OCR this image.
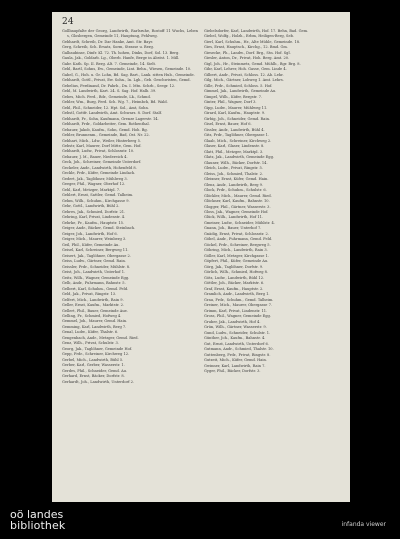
24

Gollbaupfalte der Georg, Landwirth, Rarlsruhe, Rostoff 11 Wuchs, Lebens, Glosbergen, Gemeinde 11, Hauptung, Fehlweg.

Gebhardt, Schreib, Dr. Dar Hanke, Amt. Str. Bayr.

Gerg, Schreib, Sch. Ersatz, Sorm, Strasse u. Berg.

Galbaubinse, Dinfr. Kl. 72. Th. hohen, Dinks, Dorf, Sol. 13. Berg.

Gaula, Jak., Goldarb. Lg., Oberb. Hanfe, Berge in Abstst. 1. Mill.

Gabr. Kath. Sp. II. Berg. Alt. 7. Gemeinde, 14. Sielt.

Gebl, Bartl, Sohns, Ew., Gemeinde, Lint. Behn., Wiesen, Gemeinde. 10.

Gabel, G., Hoh. u. Gr. Lohn, Bd. Sag. Bart., Lank. sitten Hub., Gemeinde.

Gebhardt, Gottl., Privat, Ew. Sohn., In. Lgh., Geb. Geschwisten, Gemd.

Gebelius, Ferdinand, Dr. Fahrb., Dn. I. Mtn. Schrb., Seegr. 12.

Gebl, M. Landwirth, Kart. 24. S. Sag. Hof. Halb. 39.

Gebes, Mich. Ferd., Bdr., Gemeinde, Lk., Schmd.

Gebler, Wm., Burg, Ferd. Sch. Wg. 7., Heimbch, Bd. Wald.

Gebl, Phil., Schneider, 12. Hpt. Sol., Amt, Sohn.

Gebstl, Gottfr. Landwirth, Amt. Schwarz. 8. Dorf. Stalf.

Gebhardt, Fr., Sohn, Kaufmann, Grenze Lagerstr. 14.

Gebhardt, Frdr., Goldarbeiter, Gem. Rothenthal.

Gebauer, Jakob, Kaufm., Sohn, Gemd. Hoh. Bg.

Gebler, Brunnenm., Gemeinde, Bad, Ost. Nr. 22.

Gebhart, Mich., Ldw., Weiler, Hinterberg 5.

Gebstr, Karl, Maurer, Dorf Mitte, Gem. Hof.

Gebhardt, Ludw., Privat, Schlossstr. 10.

Gebauer, J. M., Bauer, Niedereich 4.

Geck, Joh., Schreiner, Gemeinde Unterdorf.

Geckeler, Andr., Landwirth, Hohenfeld 8.

Geckle, Frdr., Küfer, Gemeinde Lindach.

Gedert, Jak., Taglöhner, Mühlweg 3.

Geeger, Phil., Wagner, Oberhof 12.

Gehl, Karl, Metzger, Marktpl. 7.

Gehlert, Ernst, Sattler, Gemd. Talheim.

Gehm, Wilh., Schuhm., Kirchgasse 9.

Gehr, Gottl., Landwirth, Bühl 2.

Gehres, Jak., Schmied, Dorfstr. 21.

Gehring, Karl, Privat, Lindenstr. 4.

Gehrke, Fr., Kaufm., Hauptstr. 15.

Geiger, Andr., Bäcker, Gemd. Steinbach.

Geiger, Joh., Landwirth, Hof 6.

Geiger, Mich., Maurer, Weinberg 3.

Geil, Phil., Küfer, Gemeinde Au.

Geisel, Karl, Schreiner, Bergweg 11.

Geisert, Jak., Taglöhner, Obergasse 2.

Geiss, Ludw., Gärtner, Gemd. Rain.

Geissler, Frdr., Schneider, Mühlstr. 8.

Geist, Joh., Landwirth, Unterhof 1.

Geitz, Wilh., Wagner, Gemeinde Egg.

Gelb, Andr., Fuhrmann, Bahnstr. 5.

Gelbert, Karl, Schuhm., Gemd. Feld.

Geld, Jak., Privat, Ringstr. 13.

Gelfert, Mich., Landwirth, Rain 9.

Geller, Ernst, Kaufm., Marktstr. 2.

Gellert, Phil., Bauer, Gemeinde Aue.

Gelling, Fr., Schmied, Hofweg 4.

Gemmel, Joh., Maurer, Gemd. Hain.

Gemming, Karl, Landwirth, Berg 7.

Genal, Ludw., Küfer, Thalstr. 6.

Gengenbach, Andr., Metzger, Gemd. Ried.

Genz, Wilh., Privat, Schulstr. 3.

Georg, Jak., Taglöhner, Gemeinde Hof.

Gepp, Frdr., Schreiner, Kirchweg 12.

Gerbel, Mich., Landwirth, Bühl 5.

Gerber, Karl, Gerber, Wasserstr. 1.

Gerdes, Phil., Schneider, Gemd. Au.

Gerhard, Ernst, Bäcker, Dorfstr. 8.

Gerhardt, Joh., Landwirth, Unterdorf 2.

Giebelsdorfer, Karl, Landwirth, Hof. 17. Behn, Bad. Gem.

Giebel, Wolfg., Holzh., Erbm, Heiligen-Berg, Seb.

Gierl, Karl, Schuhm., Hr., Alte Mühle, Gemeinde. 18.

Gies, Ernst, Hauptsch., Kirchg., 12. Bmd. Gm.

Giesecke, Ph., Landw., Dorf. Brg., Stn. Hof. Sgl.

Giesler, Anton, Dr., Privat, Hoh. Berg. Amt. 20.

Gigl, Joh., Hr., Steinmetz, Gemd. Mühlb., Bgr. Brg. 8.

Gihr, Karl, Lehrer, Hoh. Gasse, Gem. Linde 4.

Gilbert, Andr., Privat, Schloss. 12. Ab. Lehr.

Gilg, Mich., Gärtner, Lohweg 1. Amt. Lehrs.

Gille, Frdr., Schmied, Schloss. 5. Hof.

Gimmel, Jak., Landwirth, Gemeinde Au.

Gimpel, Wilh., Küfer, Bergstr. 7.

Ginter, Phil., Wagner, Dorf 3.

Gipp, Ludw., Maurer, Mühlweg 11.

Girard, Karl, Kaufm., Hauptstr. 9.

Girbig, Joh., Schneider, Gemd. Rain.

Gisel, Ernst, Bauer, Hof 6.

Gissler, Andr., Landwirth, Bühl 4.

Gitz, Frdr., Taglöhner, Obergasse 1.

Glaab, Mich., Schreiner, Kirchweg 2.

Glaser, Karl, Glaser, Lindenstr. 8.

Glatt, Phil., Metzger, Marktpl. 3.

Glatz, Jak., Landwirth, Gemeinde Egg.

Glauner, Wilh., Bäcker, Dorfstr. 14.

Gleich, Ludw., Privat, Ringstr. 5.

Gleiss, Joh., Schmied, Thalstr. 2.

Gleixner, Ernst, Küfer, Gemd. Hain.

Glenz, Andr., Landwirth, Berg 9.

Glock, Frdr., Schuhm., Schulstr. 6.

Glöckler, Mich., Maurer, Gemd. Ried.

Glöckner, Karl, Kaufm., Bahnstr. 10.

Glogger, Phil., Gärtner, Wasserstr. 3.

Gloss, Jak., Wagner, Gemeinde Hof.

Glück, Wilh., Landwirth, Hof 11.

Gmeiner, Ludw., Schneider, Mühlstr. 4.

Gnann, Joh., Bauer, Unterhof 7.

Gnädig, Ernst, Privat, Schlossstr. 2.

Göbel, Andr., Fuhrmann, Gemd. Feld.

Göckel, Frdr., Schreiner, Bergweg 5.

Göhring, Mich., Landwirth, Rain 3.

Göller, Karl, Metzger, Kirchgasse 1.

Göpfert, Phil., Küfer, Gemeinde Au.

Görg, Jak., Taglöhner, Dorfstr. 9.

Görlich, Wilh., Schmied, Hofweg 8.

Götz, Ludw., Landwirth, Bühl 12.

Göttler, Joh., Bäcker, Marktstr. 6.

Graf, Ernst, Kaufm., Hauptstr. 2.

Gramlich, Andr., Landwirth, Berg 1.

Grau, Frdr., Schuhm., Gemd. Talheim.

Greiner, Mich., Maurer, Obergasse 7.

Grimm, Karl, Privat, Lindenstr. 11.

Gross, Phil., Wagner, Gemeinde Egg.

Gruber, Jak., Landwirth, Hof 4.

Grün, Wilh., Gärtner, Wasserstr. 9.

Gund, Ludw., Schneider, Schulstr. 1.

Günther, Joh., Kaufm., Bahnstr. 4.

Gut, Ernst, Landwirth, Unterdorf 6.

Gutmann, Andr., Schmied, Thalstr. 10.

Guttenberg, Frdr., Privat, Ringstr. 8.

Gutzeit, Mich., Küfer, Gemd. Hain.

Gwinner, Karl, Landwirth, Rain 7.

Gyger, Phil., Bäcker, Dorfstr. 3.

oö landes
bibliothek	infanda viewer
